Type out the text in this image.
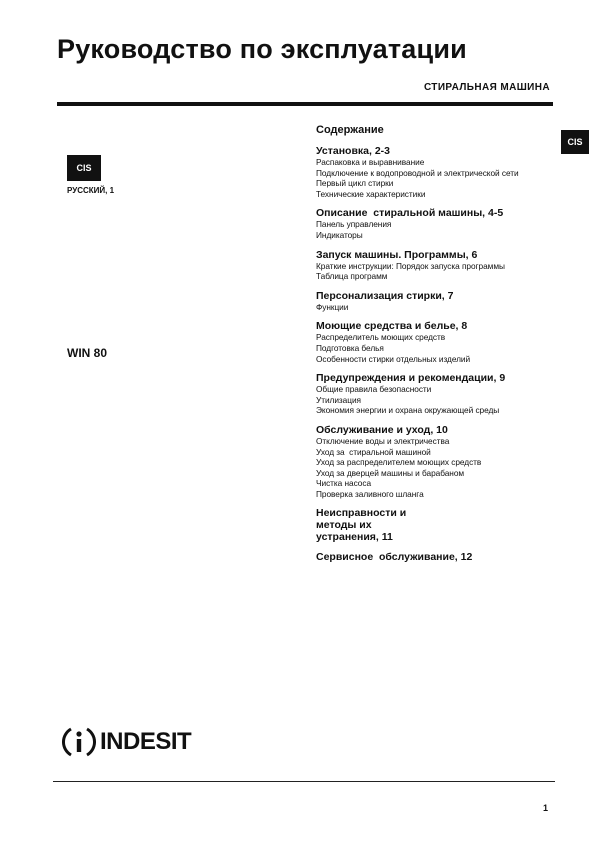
Руководство по эксплуатации
СТИРАЛЬНАЯ МАШИНА
CIS
РУССКИЙ, 1
WIN 80
CIS
Содержание
Установка, 2-3
Распаковка и выравнивание
Подключение к водопроводной и электрической сети
Первый цикл стирки
Технические характеристики
Описание  стиральной машины, 4-5
Панель управления
Индикаторы
Запуск машины. Программы, 6
Краткие инструкции: Порядок запуска программы
Таблица программ
Персонализация стирки, 7
Функции
Моющие средства и белье, 8
Распределитель моющих средств
Подготовка белья
Особенности стирки отдельных изделий
Предупреждения и рекомендации, 9
Общие правила безопасности
Утилизация
Экономия энергии и охрана окружающей среды
Обслуживание и уход, 10
Отключение воды и электричества
Уход за  стиральной машиной
Уход за распределителем моющих средств
Уход за дверцей машины и барабаном
Чистка насоса
Проверка заливного шланга
Неисправности и методы их устранения, 11
Сервисное  обслуживание, 12
INDESIT
1
